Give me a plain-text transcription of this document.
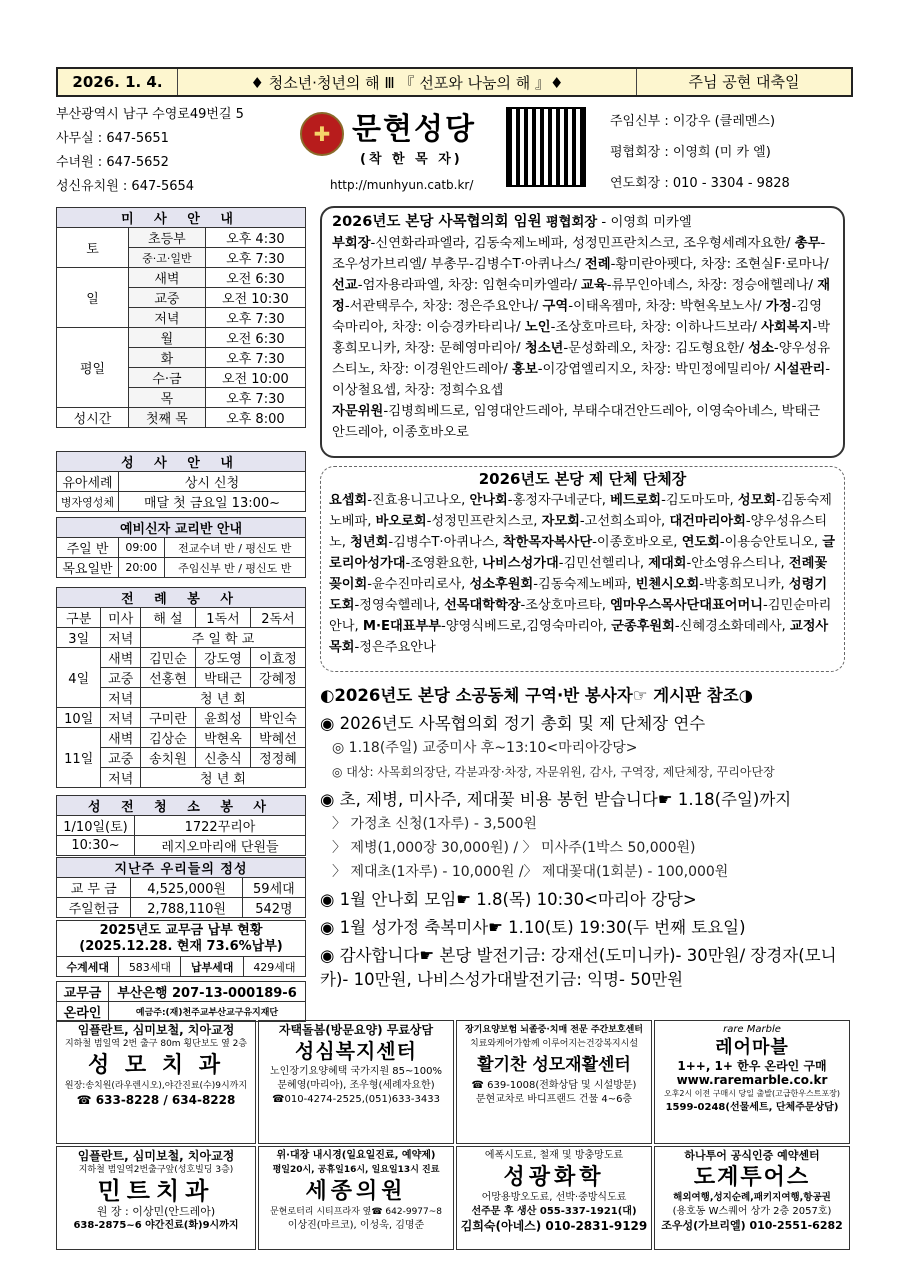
2026. 1. 4.	♦ 청소년·청년의 해 Ⅲ 『 선포와 나눔의 해 』♦	주님 공현 대축일
부산광역시 남구 수영로49번길 5
사무실 : 647-5651
수녀원 : 647-5652
성신유치원 : 647-5654
✚ 문현성당
(착 한 목 자)
http://munhyun.catb.kr/
주임신부 : 이강우 (클레멘스)
평협회장 : 이영희 (미 카 엘)
연도회장 : 010 - 3304 - 9828
미 사 안 내		
토	초등부	오후 4:30
	중·고·일반	오후 7:30
일	새벽	오전 6:30
	교중	오전 10:30
	저녁	오후 7:30
평일	월	오전 6:30
	화	오후 7:30
	수·금	오전 10:00
	목	오후 7:30
성시간	첫째 목	오후 8:00
성 사 안 내	
유아세례	상시 신청
병자영성체	매달 첫 금요일 13:00~
예비신자 교리반 안내		
주일 반	09:00	전교수녀 반 / 평신도 반
목요일반	20:00	주임신부 반 / 평신도 반
전 례 봉 사				
구분	미사	해 설	1독서	2독서
3일	저녁	주 일 학 교		
4일	새벽	김민순	강도영	이효정
	교중	선홍현	박태근	강혜정
	저녁	청 년 회		
10일	저녁	구미란	윤희성	박인숙
11일	새벽	김상순	박현옥	박혜선
	교중	송치원	신충식	정정혜
	저녁	청 년 회		
성 전 청 소 봉 사	
1/10일(토)	1722꾸리아
10:30~	레지오마리애 단원들
지난주 우리들의 정성		
교 무 금	4,525,000원	59세대
주일헌금	2,788,110원	542명
2025년도 교무금 납부 현황
(2025.12.28. 현재 73.6%납부)

수계세대	583세대	납부세대	429세대
교무금	부산은행 207-13-000189-6
온라인	예금주:(재)천주교부산교구유지재단
2026년도 본당 사목협의회 임원 평협회장 - 이영희 미카엘
부회장-신연화라파엘라, 김동숙제노베파, 성정민프란치스코, 조우형세례자요한/ 총무-조우성가브리엘/ 부총무-김병수T·아퀴나스/ 전례-황미란아펫다, 차장: 조현실F·로마나/ 선교-엄자용라파엘, 차장: 임현숙미카엘라/ 교육-류무인아녜스, 차장: 정승애헬레나/ 재정-서관택루수, 차장: 정은주요안나/ 구역-이태옥젬마, 차장: 박현옥보노사/ 가정-김영숙마리아, 차장: 이승경카타리나/ 노인-조상호마르타, 차장: 이하나드보라/ 사회복지-박홍희모니카, 차장: 문혜영마리아/ 청소년-문성화레오, 차장: 김도형요한/ 성소-양우성유스티노, 차장: 이경원안드레아/ 홍보-이강엽엘리지오, 차장: 박민정에밀리아/ 시설관리-이상철요셉, 차장: 정희수요셉
자문위원-김병희베드로, 임영대안드레아, 부태수대건안드레아, 이영숙아녜스, 박태근안드레아, 이종호바오로
2026년도 본당 제 단체 단체장
요셉회-진효용니고나오, 안나회-홍정자구네군다, 베드로회-김도마도마, 성모회-김동숙제노베파, 바오로회-성정민프란치스코, 자모회-고선희소피아, 대건마리아회-양우성유스티노, 청년회-김병수T·아퀴나스, 착한목자복사단-이종호바오로, 연도회-이용승안토니오, 글로리아성가대-조영환요한, 나비스성가대-김민선헬리나, 제대회-안소영유스티나, 전례꽃꽂이회-윤수진마리로사, 성소후원회-김동숙제노베파, 빈첸시오회-박홍희모니카, 성령기도회-정영숙헬레나, 선목대학학장-조상호마르타, 엠마우스목사단대표어머니-김민순마리안나, M·E대표부부-양영식베드로,김영숙마리아, 군종후원회-신혜경소화데레사, 교정사목회-정은주요안나
◐2026년도 본당 소공동체 구역·반 봉사자☞ 게시판 참조◑
◉ 2026년도 사목협의회 정기 총회 및 제 단체장 연수
◎ 1.18(주일) 교중미사 후~13:10<마리아강당>
◎ 대상: 사목회의장단, 각분과장·차장, 자문위원, 감사, 구역장, 제단체장, 꾸리아단장
◉ 초, 제병, 미사주, 제대꽃 비용 봉헌 받습니다☛ 1.18(주일)까지
〉 가정초 신청(1자루) - 3,500원
〉 제병(1,000장 30,000원) / 〉 미사주(1박스 50,000원)
〉 제대초(1자루) - 10,000원 /〉 제대꽃대(1회분) - 100,000원
◉ 1월 안나회 모임☛ 1.8(목) 10:30<마리아 강당>
◉ 1월 성가정 축복미사☛ 1.10(토) 19:30(두 번째 토요일)
◉ 감사합니다☛ 본당 발전기금: 강재선(도미니카)- 30만원/ 장경자(모니카)- 10만원, 나비스성가대발전기금: 익명- 50만원
임플란트, 심미보철, 치아교정
지하철 범일역 2번 출구 80m 횡단보도 옆 2층
성 모 치 과
원장:송치원(라우렌시오),야간진료(수)9시까지
☎ 633-8228 / 634-8228
자택돌봄(방문요양) 무료상담
성심복지센터
노인장기요양혜택 국가지원 85~100%
문혜영(마리아), 조우형(세례자요한)
☎010-4274-2525,(051)633-3433
장기요양보험 뇌졸중·치매 전문 주간보호센터
치료와케어가함께 이루어지는건강복지시설
활기찬 성모재활센터
☎ 639-1008(전화상담 및 시설방문)
문현교차로 바디프랜드 건물 4~6층
rare Marble
레어마블
1++, 1+ 한우 온라인 구매
www.raremarble.co.kr
오후2시 이전 구매시 당일 출발(고급한우스트포장)
1599-0248(선물세트, 단체주문상담)
임플란트, 심미보철, 치아교정
지하철 범일역2번출구앞(성호빌딩 3층)
민트치과
원 장 : 이상민(안드레아)
638-2875~6 야간진료(화)9시까지
위·대장 내시경(일요일진료, 예약제)
평일20시, 공휴일16시, 일요일13시 진료
세종의원
문현로터리 시티프라자 옆☎ 642-9977~8
이상진(마르코), 이성욱, 김명준
에폭시도료, 철재 및 방충망도료
성광화학
어망용방오도료, 선박·중방식도료
선주문 후 생산 055-337-1921(대)
김희숙(아네스) 010-2831-9129
하나투어 공식인증 예약센터
도계투어스
해외여행,성지순례,패키지여행,항공권
(용호동 W스퀘어 상가 2층 2057호)
조우성(가브리엘) 010-2551-6282
